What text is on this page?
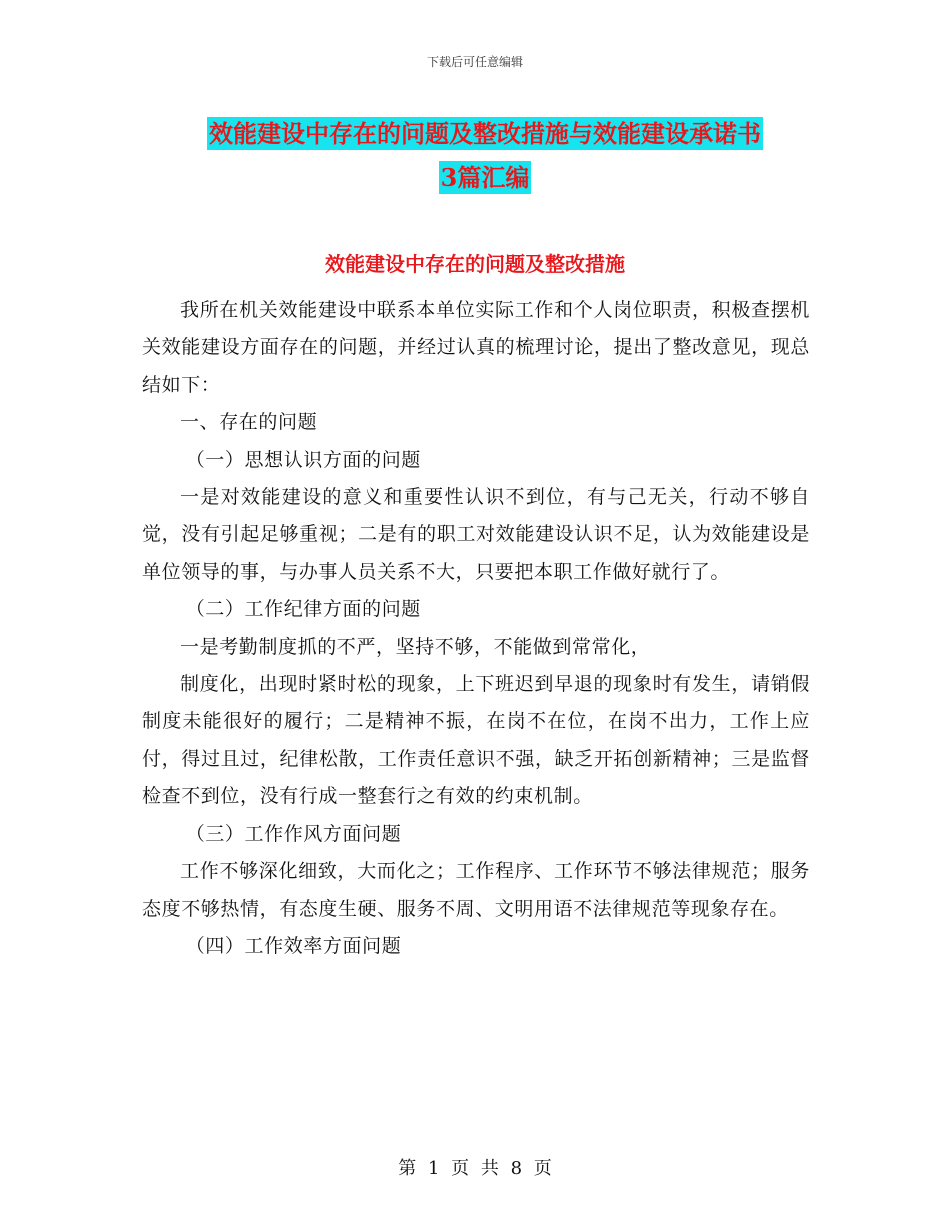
下载后可任意编辑
效能建设中存在的问题及整改措施与效能建设承诺书
3篇汇编
效能建设中存在的问题及整改措施

我所在机关效能建设中联系本单位实际工作和个人岗位职责，积极查摆机关效能建设方面存在的问题，并经过认真的梳理讨论，提出了整改意见，现总结如下：

一、存在的问题

（一）思想认识方面的问题

一是对效能建设的意义和重要性认识不到位，有与己无关，行动不够自觉，没有引起足够重视；二是有的职工对效能建设认识不足，认为效能建设是单位领导的事，与办事人员关系不大，只要把本职工作做好就行了。

（二）工作纪律方面的问题

一是考勤制度抓的不严，坚持不够，不能做到常常化，

制度化，出现时紧时松的现象，上下班迟到早退的现象时有发生，请销假制度未能很好的履行；二是精神不振，在岗不在位，在岗不出力，工作上应付，得过且过，纪律松散，工作责任意识不强，缺乏开拓创新精神；三是监督检查不到位，没有行成一整套行之有效的约束机制。

（三）工作作风方面问题

工作不够深化细致，大而化之；工作程序、工作环节不够法律规范；服务态度不够热情，有态度生硬、服务不周、文明用语不法律规范等现象存在。

（四）工作效率方面问题

第 1 页 共 8 页
